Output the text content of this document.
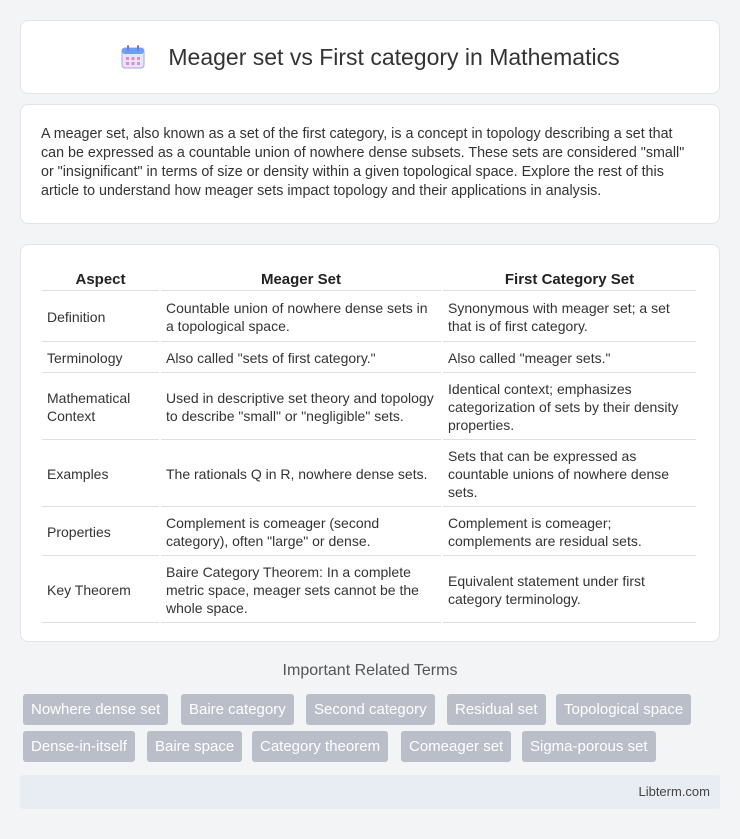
Meager set vs First category in Mathematics

A meager set, also known as a set of the first category, is a concept in topology describing a set that can be expressed as a countable union of nowhere dense subsets. These sets are considered "small" or "insignificant" in terms of size or density within a given topological space. Explore the rest of this article to understand how meager sets impact topology and their applications in analysis.

Aspect	Meager Set	First Category Set
Definition	Countable union of nowhere dense sets in a topological space.	Synonymous with meager set; a set that is of first category.
Terminology	Also called "sets of first category."	Also called "meager sets."
Mathematical Context	Used in descriptive set theory and topology to describe "small" or "negligible" sets.	Identical context; emphasizes categorization of sets by their density properties.
Examples	The rationals Q in R, nowhere dense sets.	Sets that can be expressed as countable unions of nowhere dense sets.
Properties	Complement is comeager (second category), often "large" or dense.	Complement is comeager; complements are residual sets.
Key Theorem	Baire Category Theorem: In a complete metric space, meager sets cannot be the whole space.	Equivalent statement under first category terminology.
Important Related Terms
Nowhere dense set	Baire category	Second category	Residual set	Topological space
Dense-in-itself	Baire space	Category theorem	Comeager set	Sigma-porous set
Libterm.com
